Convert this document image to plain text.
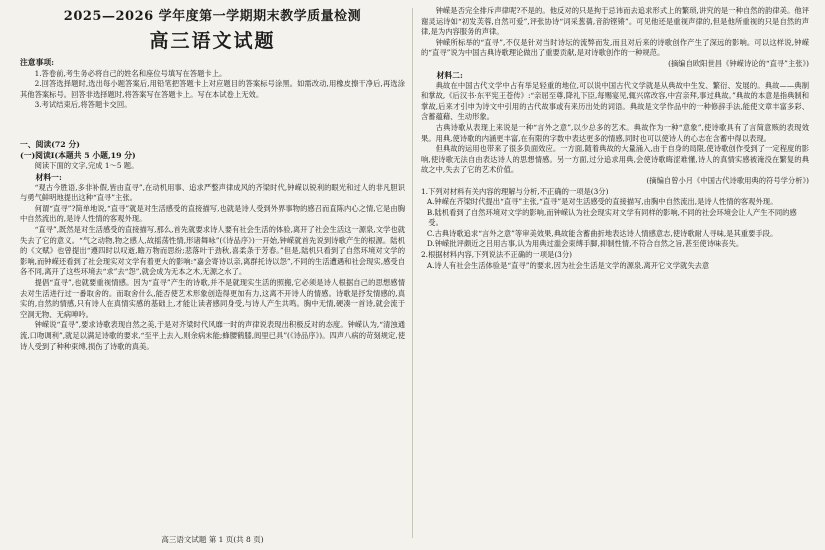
2025—2026 学年度第一学期期末教学质量检测
高三语文试题
注意事项:

1.答卷前,考生务必将自己的姓名和座位号填写在答题卡上。

2.回答选择题时,选出每小题答案后,用铅笔把答题卡上对应题目的答案标号涂黑。如需改动,用橡皮擦干净后,再选涂其他答案标号。回答非选择题时,将答案写在答题卡上。写在本试卷上无效。

3.考试结束后,将答题卡交回。

一、阅读(72 分)
(一)阅读Ⅰ(本题共 5 小题,19 分)

阅读下面的文字,完成 1～5 题。

材料一:

“观古今胜语,多非补假,皆由直寻”,在动机用事、追求严整声律成风的齐梁时代,钟嵘以锐利的眼光和过人的非凡胆识与勇气鲜明地提出这种“直寻”主张。

何谓“直寻”?简单地说,“直寻”就是对生活感受的直接描写,也就是诗人受到外界事物的感召而直陈内心之情,它是由胸中自然流出的,是诗人性情的客观外现。

“直寻”,既然是对生活感受的直接描写,那么,首先就要求诗人要有社会生活的体验,离开了社会生活这一源泉,文学也就失去了它的意义。“气之动物,物之感人,故摇荡性情,形诸舞咏”(《诗品序》)一开始,钟嵘就首先说到诗歌产生的根源。陆机的《文赋》也曾提出“遵四时以叹逝,瞻万物而思纷;悲落叶于劲秋,喜柔条于芳春。”但是,陆机只看到了自然环境对文学的影响,而钟嵘还看到了社会现实对文学有着更大的影响:“嘉会寄诗以亲,离群托诗以怨”,不同的生活遭遇和社会现实,感受自各不同,离开了这些环境去“求”去“怨”,就会成为无本之木,无源之水了。

提倡“直寻”,也就要重视情感。因为“直寻”产生的诗歌,并不是就现实生活的照搬,它必须是诗人根据自己的思想感情去对生活进行过一番取舍的。而取舍什么,能否使艺术形象创造得更加有力,这离不开诗人的情感。诗歌是抒发情感的,真实的,自然的情感,只有诗人在真情实感的基础上,才能让读者感同身受,与诗人产生共鸣。胸中无情,硬凑一首诗,就会流于空洞无物、无病呻吟。

钟嵘说“直寻”,要求诗歌表现自然之美,于是对齐梁时代风靡一时的声律说表现出积极反对的态度。钟嵘认为,“清浊通流,口吻调利”,就足以满足诗歌的要求,“至平上去入,则余病未能;蜂腰鹤膝,闾里已具”(《诗品序》)。四声八病的苛刻规定,使诗人受到了种种束缚,损伤了诗歌的真美。

高三语文试题 第 1 页(共 8 页)

钟嵘是否完全排斥声律呢?不是的。他反对的只是拘于忌讳而去追求形式上的繁琐,讲究的是一种自然的韵律美。他评谢灵运诗如“初发芙蓉,自然可爱”,评张协诗“词采葱蒨,音韵铿锵”。可见他还是重视声律的,但是他所重视的只是自然的声律,是为内容服务的声律。

钟嵘所标举的“直寻”,不仅是针对当时诗坛的流弊而发,而且对后来的诗歌创作产生了深远的影响。可以这样说,钟嵘的“直寻”说为中国古典诗歌理论做出了重要贡献,是对诗歌创作的一种规范。

(摘编自欧阳世昌《钟嵘诗论的“直寻”主张》)

材料二:

典故在中国古代文学中占有举足轻重的地位,可以说中国古代文学就是从典故中生发、繁衍、发展的。典故——典制和掌故,《后汉书·东平宪王苍传》:“亲屈至尊,降礼下臣,每赐宴见,辄兴席改容,中宫亲拜,事过典故。”典故的本意是指典制和掌故,后来才引申为诗文中引用的古代故事或有来历出处的词语。典故是文学作品中的一种修辞手法,能使文章丰富多彩、含蓄蕴藉、生动形象。

古典诗歌从表现上来说是一种“言外之意”,以少总多的艺术。典故作为一种“意象”,使诗歌具有了言简意赅的表现效果。用典,使诗歌的内涵更丰富,在有限的字数中表达更多的情感,同时也可以使诗人的心志在含蓄中得以表现。

但典故的运用也带来了很多负面效应。一方面,随着典故的大量涌入,由于自身的局限,使诗歌创作受到了一定程度的影响,使诗歌无法自由表达诗人的思想情感。另一方面,过分追求用典,会使诗歌晦涩难懂,诗人的真情实感被淹没在繁复的典故之中,失去了它的艺术价值。

(摘编自曾小月《中国古代诗歌用典的符号学分析》)

1.下列对材料有关内容的理解与分析,不正确的一项是(3分)

A.钟嵘在齐梁时代提出“直寻”主张,“直寻”是对生活感受的直接描写,由胸中自然流出,是诗人性情的客观外现。

B.陆机看到了自然环境对文学的影响,而钟嵘认为社会现实对文学有同样的影响,不同的社会环境会让人产生不同的感受。

C.古典诗歌追求“言外之意”等审美效果,典故能含蓄曲折地表达诗人情感意志,使诗歌耐人寻味,是其重要手段。

D.钟嵘批评颇近之吕用古事,认为用典过滥会束缚手脚,抑制性情,不符合自然之旨,甚至使诗味丧失。

2.根据材料内容,下列说法不正确的一项是(3分)

A.诗人有社会生活体验是“直寻”的要求,因为社会生活是文学的源泉,离开它文学就失去意
